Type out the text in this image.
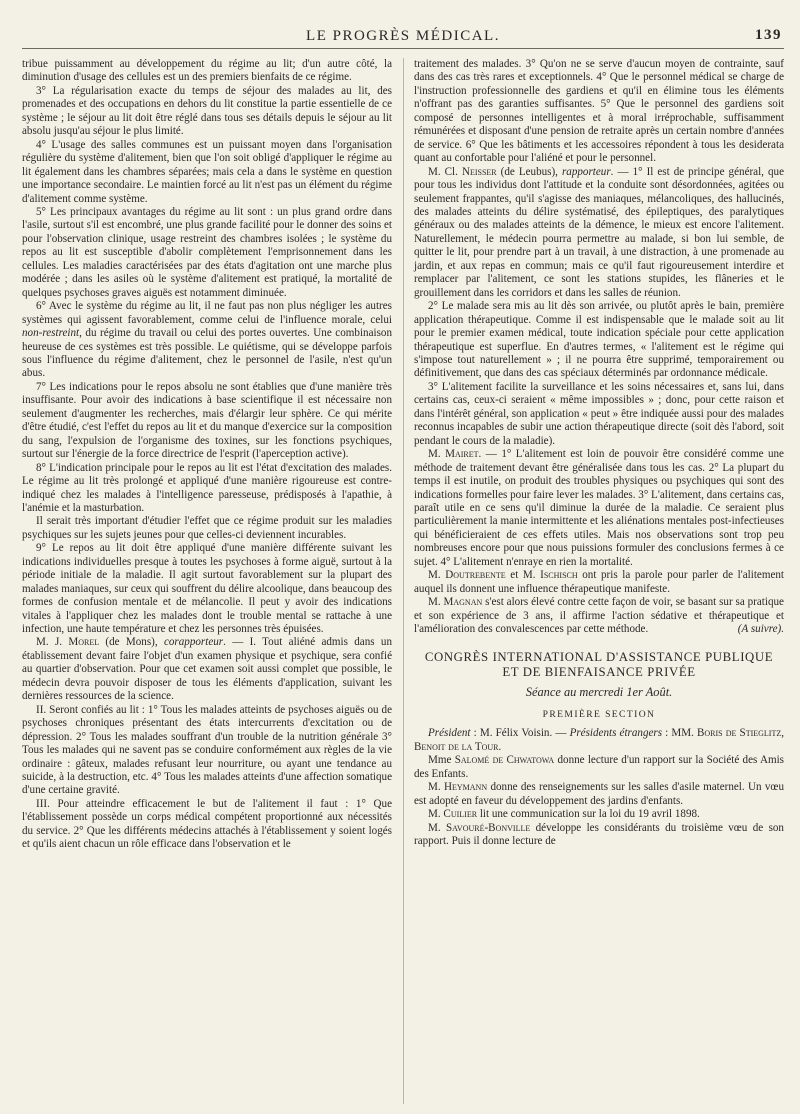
LE PROGRÈS MÉDICAL.	139

tribue puissamment au développement du régime au lit; d'un autre côté, la diminution d'usage des cellules est un des premiers bienfaits de ce régime.

3° La régularisation exacte du temps de séjour des malades au lit, des promenades et des occupations en dehors du lit constitue la partie essentielle de ce système ; le séjour au lit doit être réglé dans tous ses détails depuis le séjour au lit absolu jusqu'au séjour le plus limité.

4° L'usage des salles communes est un puissant moyen dans l'organisation régulière du système d'alitement, bien que l'on soit obligé d'appliquer le régime au lit également dans les chambres séparées; mais cela a dans le système en question une importance secondaire. Le maintien forcé au lit n'est pas un élément du régime d'alitement comme système.

5° Les principaux avantages du régime au lit sont : un plus grand ordre dans l'asile, surtout s'il est encombré, une plus grande facilité pour le donner des soins et pour l'observation clinique, usage restreint des chambres isolées ; le système du repos au lit est susceptible d'abolir complètement l'emprisonnement dans les cellules. Les maladies caractérisées par des états d'agitation ont une marche plus modérée ; dans les asiles où le système d'alitement est pratiqué, la mortalité de quelques psychoses graves aiguës est notamment diminuée.

6° Avec le système du régime au lit, il ne faut pas non plus négliger les autres systèmes qui agissent favorablement, comme celui de l'influence morale, celui non-restreint, du régime du travail ou celui des portes ouvertes. Une combinaison heureuse de ces systèmes est très possible. Le quiétisme, qui se développe parfois sous l'influence du régime d'alitement, chez le personnel de l'asile, n'est qu'un abus.

7° Les indications pour le repos absolu ne sont établies que d'une manière très insuffisante. Pour avoir des indications à base scientifique il est nécessaire non seulement d'augmenter les recherches, mais d'élargir leur sphère. Ce qui mérite d'être étudié, c'est l'effet du repos au lit et du manque d'exercice sur la composition du sang, l'expulsion de l'organisme des toxines, sur les fonctions psychiques, surtout sur l'énergie de la force directrice de l'esprit (l'aperception active).

8° L'indication principale pour le repos au lit est l'état d'excitation des malades. Le régime au lit très prolongé et appliqué d'une manière rigoureuse est contre-indiqué chez les malades à l'intelligence paresseuse, prédisposés à l'apathie, à l'anémie et la masturbation.

Il serait très important d'étudier l'effet que ce régime produit sur les maladies psychiques sur les sujets jeunes pour que celles-ci deviennent incurables.

9° Le repos au lit doit être appliqué d'une manière différente suivant les indications individuelles presque à toutes les psychoses à forme aiguë, surtout à la période initiale de la maladie. Il agit surtout favorablement sur la plupart des malades maniaques, sur ceux qui souffrent du délire alcoolique, dans beaucoup des formes de confusion mentale et de mélancolie. Il peut y avoir des indications vitales à l'appliquer chez les malades dont le trouble mental se rattache à une infection, une haute température et chez les personnes très épuisées.

M. J. Morel (de Mons), corapporteur. — I. Tout aliéné admis dans un établissement devant faire l'objet d'un examen physique et psychique, sera confié au quartier d'observation. Pour que cet examen soit aussi complet que possible, le médecin devra pouvoir disposer de tous les éléments d'application, suivant les dernières ressources de la science.

II. Seront confiés au lit : 1° Tous les malades atteints de psychoses aiguës ou de psychoses chroniques présentant des états intercurrents d'excitation ou de dépression. 2° Tous les malades souffrant d'un trouble de la nutrition générale 3° Tous les malades qui ne savent pas se conduire conformément aux règles de la vie ordinaire : gâteux, malades refusant leur nourriture, ou ayant une tendance au suicide, à la destruction, etc. 4° Tous les malades atteints d'une affection somatique d'une certaine gravité.

III. Pour atteindre efficacement le but de l'alitement il faut : 1° Que l'établissement possède un corps médical compétent proportionné aux nécessités du service. 2° Que les différents médecins attachés à l'établissement y soient logés et qu'ils aient chacun un rôle efficace dans l'observation et le

traitement des malades. 3° Qu'on ne se serve d'aucun moyen de contrainte, sauf dans des cas très rares et exceptionnels. 4° Que le personnel médical se charge de l'instruction professionnelle des gardiens et qu'il en élimine tous les éléments n'offrant pas des garanties suffisantes. 5° Que le personnel des gardiens soit composé de personnes intelligentes et à moral irréprochable, suffisamment rémunérées et disposant d'une pension de retraite après un certain nombre d'années de service. 6° Que les bâtiments et les accessoires répondent à tous les desiderata quant au confortable pour l'aliéné et pour le personnel.

M. Cl. Neisser (de Leubus), rapporteur. — 1° Il est de principe général, que pour tous les individus dont l'attitude et la conduite sont désordonnées, agitées ou seulement frappantes, qu'il s'agisse des maniaques, mélancoliques, des hallucinés, des malades atteints du délire systématisé, des épileptiques, des paralytiques généraux ou des malades atteints de la démence, le mieux est encore l'alitement. Naturellement, le médecin pourra permettre au malade, si bon lui semble, de quitter le lit, pour prendre part à un travail, à une distraction, à une promenade au jardin, et aux repas en commun; mais ce qu'il faut rigoureusement interdire et remplacer par l'alitement, ce sont les stations stupides, les flâneries et le grouillement dans les corridors et dans les salles de réunion.

2° Le malade sera mis au lit dès son arrivée, ou plutôt après le bain, première application thérapeutique. Comme il est indispensable que le malade soit au lit pour le premier examen médical, toute indication spéciale pour cette application thérapeutique est superflue. En d'autres termes, « l'alitement est le régime qui s'impose tout naturellement » ; il ne pourra être supprimé, temporairement ou définitivement, que dans des cas spéciaux déterminés par ordonnance médicale.

3° L'alitement facilite la surveillance et les soins nécessaires et, sans lui, dans certains cas, ceux-ci seraient « même impossibles » ; donc, pour cette raison et dans l'intérêt général, son application « peut » être indiquée aussi pour des malades reconnus incapables de subir une action thérapeutique directe (soit dès l'abord, soit pendant le cours de la maladie).

M. Mairet. — 1° L'alitement est loin de pouvoir être considéré comme une méthode de traitement devant être généralisée dans tous les cas. 2° La plupart du temps il est inutile, on produit des troubles physiques ou psychiques qui sont des indications formelles pour faire lever les malades. 3° L'alitement, dans certains cas, paraît utile en ce sens qu'il diminue la durée de la maladie. Ce seraient plus particulièrement la manie intermittente et les aliénations mentales post-infectieuses qui bénéficieraient de ces effets utiles. Mais nos observations sont trop peu nombreuses encore pour que nous puissions formuler des conclusions fermes à ce sujet. 4° L'alitement n'enraye en rien la mortalité.

M. Doutrebente et M. Ischisch ont pris la parole pour parler de l'alitement auquel ils donnent une influence thérapeutique manifeste.

M. Magnan s'est alors élevé contre cette façon de voir, se basant sur sa pratique et son expérience de 3 ans, il affirme l'action sédative et thérapeutique et l'amélioration des convalescences par cette méthode.	(A suivre).

CONGRÈS INTERNATIONAL D'ASSISTANCE PUBLIQUE
ET DE BIENFAISANCE PRIVÉE
Séance au mercredi 1er Août.
PREMIÈRE SECTION

Président : M. Félix Voisin. — Présidents étrangers : MM. Boris de Stieglitz, Benoit de la Tour.

Mme Salomé de Chwatowa donne lecture d'un rapport sur la Société des Amis des Enfants.

M. Heymann donne des renseignements sur les salles d'asile maternel. Un vœu est adopté en faveur du développement des jardins d'enfants.

M. Cuilier lit une communication sur la loi du 19 avril 1898.

M. Savouré-Bonville développe les considérants du troisième vœu de son rapport. Puis il donne lecture de
